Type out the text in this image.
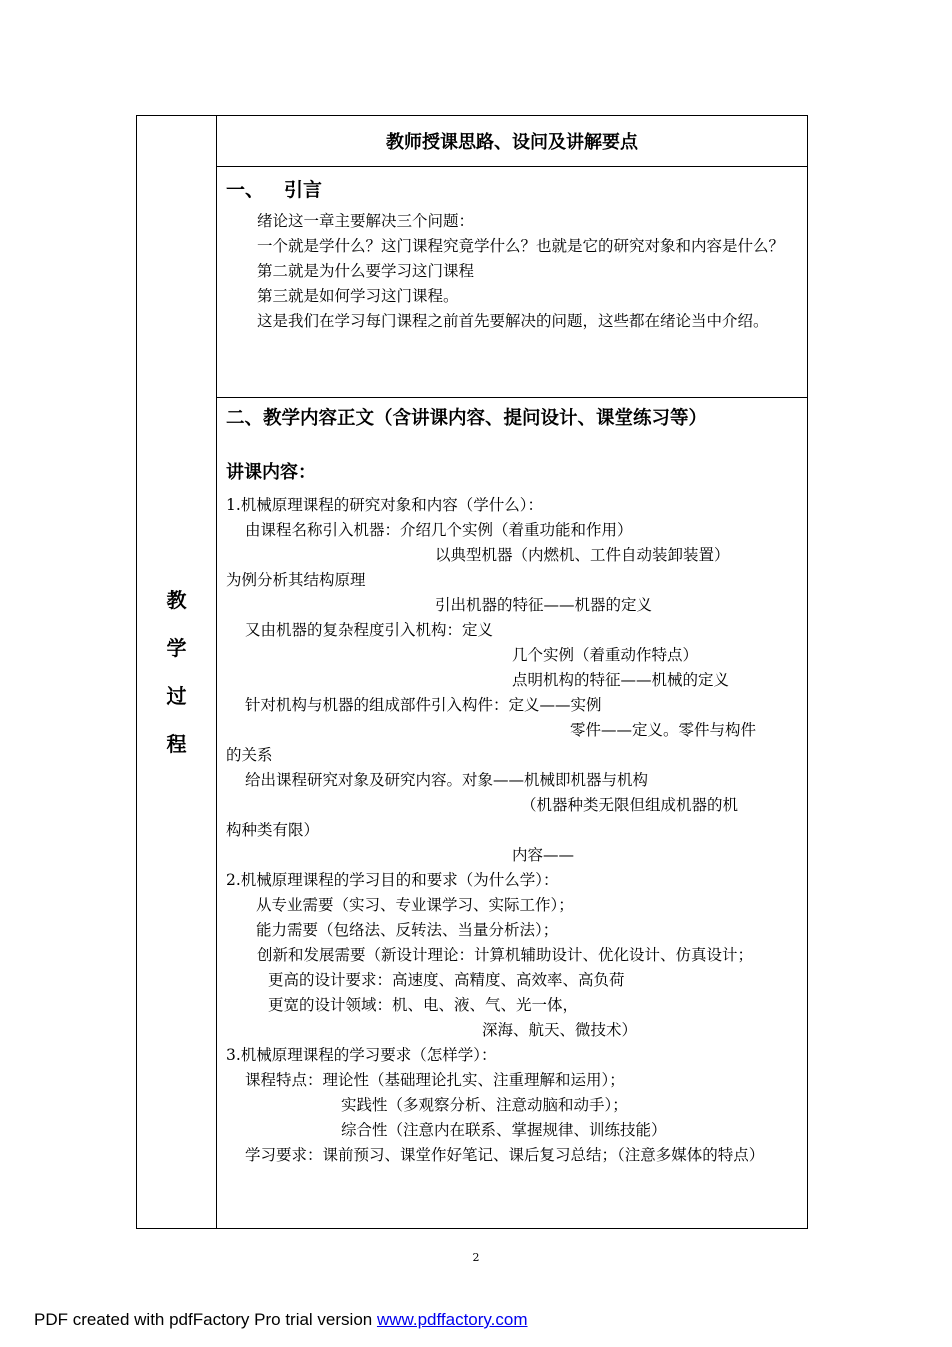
教
学
过
程
	教师授课思路、设问及讲解要点

一、 引言

绪论这一章主要解决三个问题：

一个就是学什么？这门课程究竟学什么？也就是它的研究对象和内容是什么？

第二就是为什么要学习这门课程

第三就是如何学习这门课程。

这是我们在学习每门课程之前首先要解决的问题，这些都在绪论当中介绍。

二、教学内容正文（含讲课内容、提问设计、课堂练习等）
讲课内容：

1.机械原理课程的研究对象和内容（学什么）：

由课程名称引入机器：介绍几个实例（着重功能和作用）

以典型机器（内燃机、工件自动装卸装置）

为例分析其结构原理

引出机器的特征——机器的定义

又由机器的复杂程度引入机构：定义

几个实例（着重动作特点）

点明机构的特征——机械的定义

针对机构与机器的组成部件引入构件：定义——实例

零件——定义。零件与构件

的关系

给出课程研究对象及研究内容。对象——机械即机器与机构

（机器种类无限但组成机器的机

构种类有限）

内容——

2.机械原理课程的学习目的和要求（为什么学）：

从专业需要（实习、专业课学习、实际工作）；

能力需要（包络法、反转法、当量分析法）；

创新和发展需要（新设计理论：计算机辅助设计、优化设计、仿真设计；

更高的设计要求：高速度、高精度、高效率、高负荷

更宽的设计领域：机、电、液、气、光一体，

深海、航天、微技术）

3.机械原理课程的学习要求（怎样学）：

课程特点：理论性（基础理论扎实、注重理解和运用）；

实践性（多观察分析、注意动脑和动手）；

综合性（注意内在联系、掌握规律、训练技能）

学习要求：课前预习、课堂作好笔记、课后复习总结；（注意多媒体的特点）

2
PDF created with pdfFactory Pro trial version www.pdffactory.com
